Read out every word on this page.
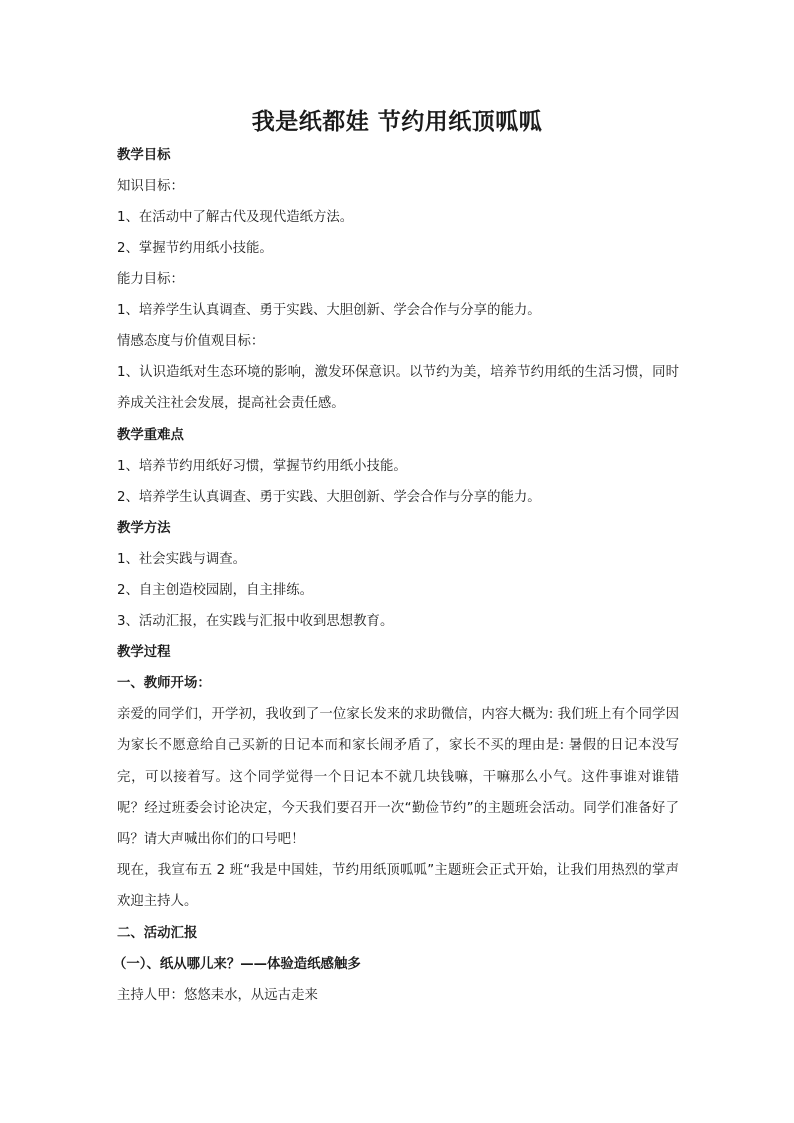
我是纸都娃 节约用纸顶呱呱
教学目标
知识目标：
1、在活动中了解古代及现代造纸方法。
2、掌握节约用纸小技能。
能力目标：
1、培养学生认真调查、勇于实践、大胆创新、学会合作与分享的能力。
情感态度与价值观目标：
1、认识造纸对生态环境的影响，激发环保意识。以节约为美，培养节约用纸的生活习惯，同时养成关注社会发展，提高社会责任感。
教学重难点
1、培养节约用纸好习惯，掌握节约用纸小技能。
2、培养学生认真调查、勇于实践、大胆创新、学会合作与分享的能力。
教学方法
1、社会实践与调查。
2、自主创造校园剧，自主排练。
3、活动汇报，在实践与汇报中收到思想教育。
教学过程
一、教师开场：
亲爱的同学们，开学初，我收到了一位家长发来的求助微信，内容大概为: 我们班上有个同学因为家长不愿意给自己买新的日记本而和家长闹矛盾了，家长不买的理由是: 暑假的日记本没写完，可以接着写。这个同学觉得一个日记本不就几块钱嘛，干嘛那么小气。这件事谁对谁错呢？经过班委会讨论决定，今天我们要召开一次“勤俭节约”的主题班会活动。同学们准备好了吗？请大声喊出你们的口号吧！
现在，我宣布五 2 班“我是中国娃，节约用纸顶呱呱”主题班会正式开始，让我们用热烈的掌声欢迎主持人。
二、活动汇报
（一）、纸从哪儿来？——体验造纸感触多
主持人甲：悠悠耒水，从远古走来
